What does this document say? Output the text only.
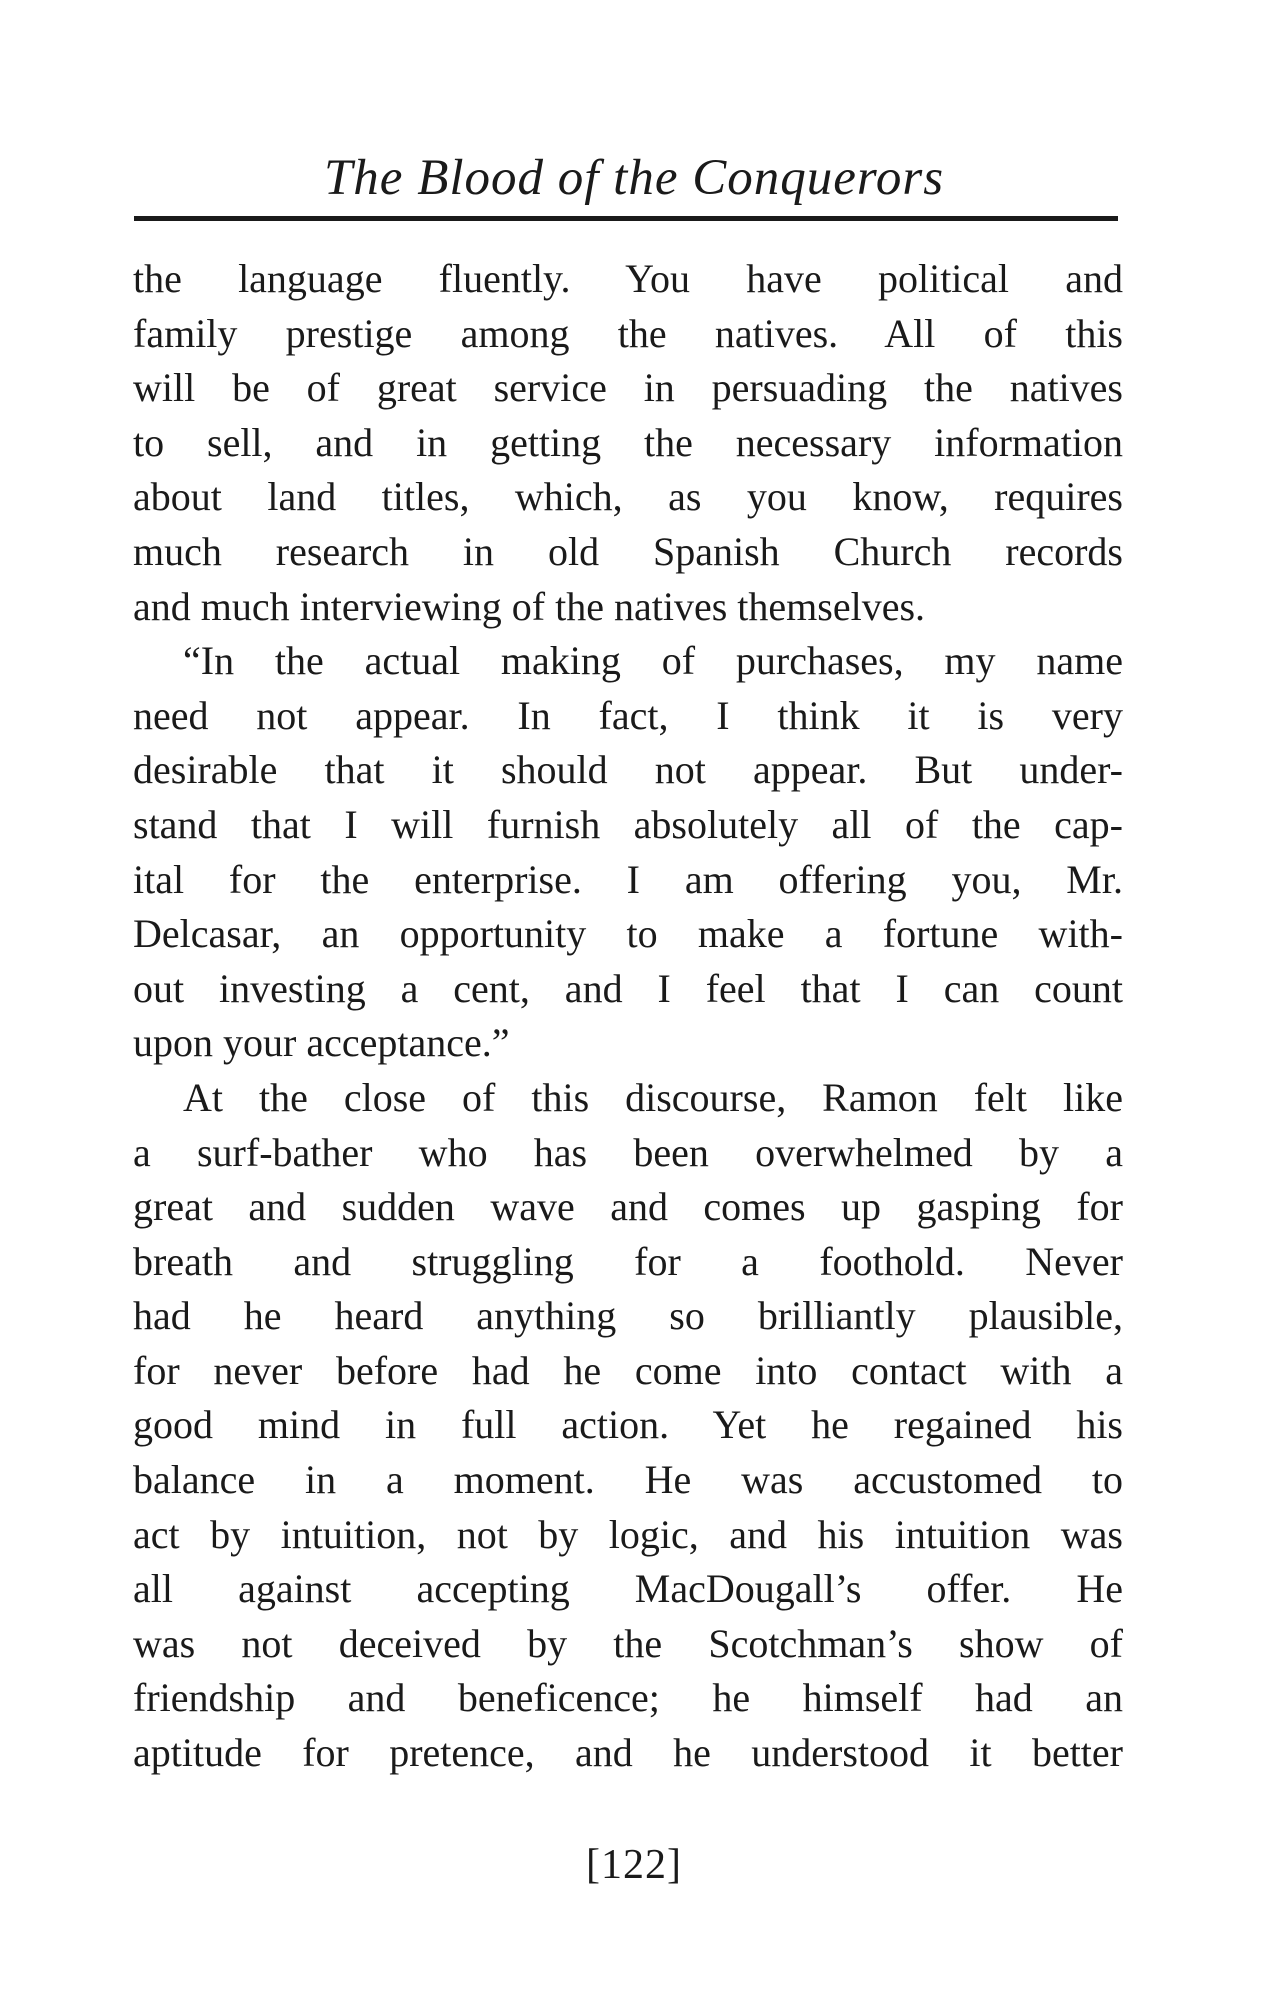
The Blood of the Conquerors
the language fluently. You have political and
family prestige among the natives. All of this
will be of great service in persuading the natives
to sell, and in getting the necessary information
about land titles, which, as you know, requires
much research in old Spanish Church records
and much interviewing of the natives themselves.
“In the actual making of purchases, my name
need not appear. In fact, I think it is very
desirable that it should not appear. But under-
stand that I will furnish absolutely all of the cap-
ital for the enterprise. I am offering you, Mr.
Delcasar, an opportunity to make a fortune with-
out investing a cent, and I feel that I can count
upon your acceptance.”
At the close of this discourse, Ramon felt like
a surf-bather who has been overwhelmed by a
great and sudden wave and comes up gasping for
breath and struggling for a foothold. Never
had he heard anything so brilliantly plausible,
for never before had he come into contact with a
good mind in full action. Yet he regained his
balance in a moment. He was accustomed to
act by intuition, not by logic, and his intuition was
all against accepting MacDougall’s offer. He
was not deceived by the Scotchman’s show of
friendship and beneficence; he himself had an
aptitude for pretence, and he understood it better
[122]
